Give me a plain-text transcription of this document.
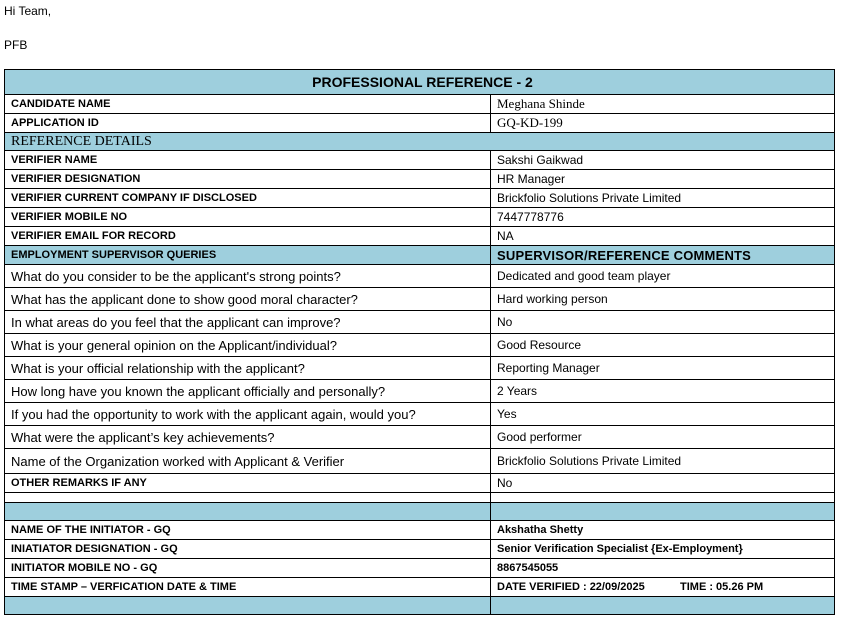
Hi Team,
PFB
PROFESSIONAL REFERENCE - 2	
CANDIDATE NAME	Meghana Shinde
APPLICATION ID	GQ-KD-199
REFERENCE DETAILS	
VERIFIER NAME	Sakshi Gaikwad
VERIFIER DESIGNATION	HR Manager
VERIFIER CURRENT COMPANY IF DISCLOSED	Brickfolio Solutions Private Limited
VERIFIER MOBILE NO	7447778776
VERIFIER EMAIL FOR RECORD	NA
EMPLOYMENT SUPERVISOR QUERIES	SUPERVISOR/REFERENCE COMMENTS
What do you consider to be the applicant's strong points?	Dedicated and good team player
What has the applicant done to show good moral character?	Hard working person
In what areas do you feel that the applicant can improve?	No
What is your general opinion on the Applicant/individual?	Good Resource
What is your official relationship with the applicant?	Reporting Manager
How long have you known the applicant officially and personally?	2 Years
If you had the opportunity to work with the applicant again, would you?	Yes
What were the applicant’s key achievements?	Good performer
Name of the Organization worked with Applicant & Verifier	Brickfolio Solutions Private Limited
OTHER REMARKS IF ANY	No

NAME OF THE INITIATOR - GQ	Akshatha Shetty
INIATIATOR DESIGNATION - GQ	Senior Verification Specialist {Ex-Employment}
INITIATOR MOBILE NO - GQ	8867545055
TIME STAMP – VERFICATION DATE & TIME	DATE VERIFIED : 22/09/2025 TIME : 05.26 PM
